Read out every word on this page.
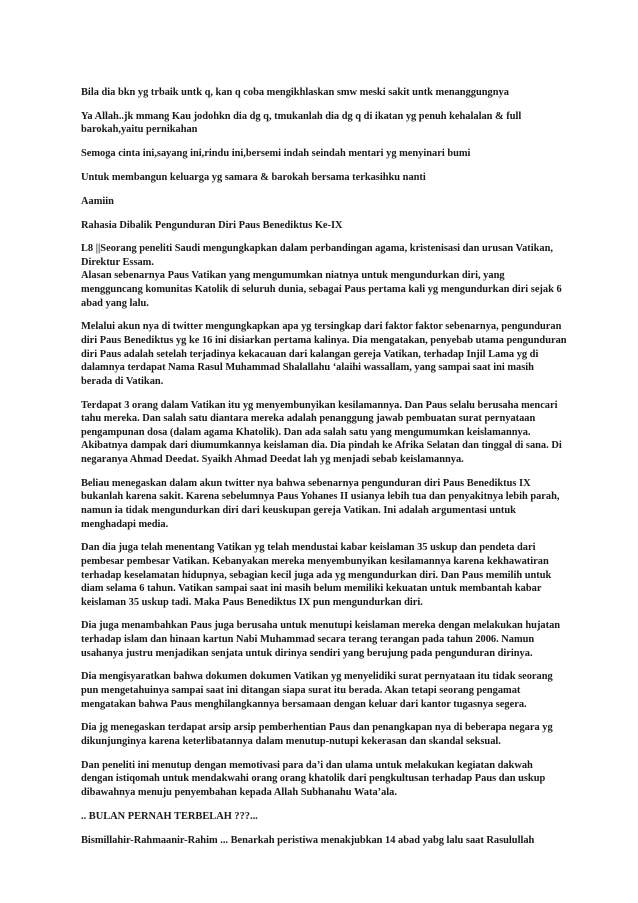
Bila dia bkn yg trbaik untk q, kan q coba mengikhlaskan smw meski sakit untk menanggungnya
Ya Allah..jk mmang Kau jodohkn dia dg q, tmukanlah dia dg q di ikatan yg penuh kehalalan & full
barokah,yaitu pernikahan
Semoga cinta ini,sayang ini,rindu ini,bersemi indah seindah mentari yg menyinari bumi
Untuk membangun keluarga yg samara & barokah bersama terkasihku nanti
Aamiin
Rahasia Dibalik Pengunduran Diri Paus Benediktus Ke-IX
L8 ||Seorang peneliti Saudi mengungkapkan dalam perbandingan agama, kristenisasi dan urusan Vatikan,
Direktur Essam.
Alasan sebenarnya Paus Vatikan yang mengumumkan niatnya untuk mengundurkan diri, yang
mengguncang komunitas Katolik di seluruh dunia, sebagai Paus pertama kali yg mengundurkan diri sejak 6
abad yang lalu.
Melalui akun nya di twitter mengungkapkan apa yg tersingkap dari faktor faktor sebenarnya, pengunduran
diri Paus Benediktus yg ke 16 ini disiarkan pertama kalinya. Dia mengatakan, penyebab utama pengunduran
diri Paus adalah setelah terjadinya kekacauan dari kalangan gereja Vatikan, terhadap Injil Lama yg di
dalamnya terdapat Nama Rasul Muhammad Shalallahu ‘alaihi wassallam, yang sampai saat ini masih
berada di Vatikan.
Terdapat 3 orang dalam Vatikan itu yg menyembunyikan kesilamannya. Dan Paus selalu berusaha mencari
tahu mereka. Dan salah satu diantara mereka adalah penanggung jawab pembuatan surat pernyataan
pengampunan dosa (dalam agama Khatolik). Dan ada salah satu yang mengumumkan keislamannya.
Akibatnya dampak dari diumumkannya keislaman dia. Dia pindah ke Afrika Selatan dan tinggal di sana. Di
negaranya Ahmad Deedat. Syaikh Ahmad Deedat lah yg menjadi sebab keislamannya.
Beliau menegaskan dalam akun twitter nya bahwa sebenarnya pengunduran diri Paus Benediktus IX
bukanlah karena sakit. Karena sebelumnya Paus Yohanes II usianya lebih tua dan penyakitnya lebih parah,
namun ia tidak mengundurkan diri dari keuskupan gereja Vatikan. Ini adalah argumentasi untuk
menghadapi media.
Dan dia juga telah menentang Vatikan yg telah mendustai kabar keislaman 35 uskup dan pendeta dari
pembesar pembesar Vatikan. Kebanyakan mereka menyembunyikan kesilamannya karena kekhawatiran
terhadap keselamatan hidupnya, sebagian kecil juga ada yg mengundurkan diri. Dan Paus memilih untuk
diam selama 6 tahun. Vatikan sampai saat ini masih belum memiliki kekuatan untuk membantah kabar
keislaman 35 uskup tadi. Maka Paus Benediktus IX pun mengundurkan diri.
Dia juga menambahkan Paus juga berusaha untuk menutupi keislaman mereka dengan melakukan hujatan
terhadap islam dan hinaan kartun Nabi Muhammad secara terang terangan pada tahun 2006. Namun
usahanya justru menjadikan senjata untuk dirinya sendiri yang berujung pada pengunduran dirinya.
Dia mengisyaratkan bahwa dokumen dokumen Vatikan yg menyelidiki surat pernyataan itu tidak seorang
pun mengetahuinya sampai saat ini ditangan siapa surat itu berada. Akan tetapi seorang pengamat
mengatakan bahwa Paus menghilangkannya bersamaan dengan keluar dari kantor tugasnya segera.
Dia jg menegaskan terdapat arsip arsip pemberhentian Paus dan penangkapan nya di beberapa negara yg
dikunjunginya karena keterlibatannya dalam menutup-nutupi kekerasan dan skandal seksual.
Dan peneliti ini menutup dengan memotivasi para da’i dan ulama untuk melakukan kegiatan dakwah
dengan istiqomah untuk mendakwahi orang orang khatolik dari pengkultusan terhadap Paus dan uskup
dibawahnya menuju penyembahan kepada Allah Subhanahu Wata’ala.
.. BULAN PERNAH TERBELAH ???...
Bismillahir-Rahmaanir-Rahim ... Benarkah peristiwa menakjubkan 14 abad yabg lalu saat Rasulullah
